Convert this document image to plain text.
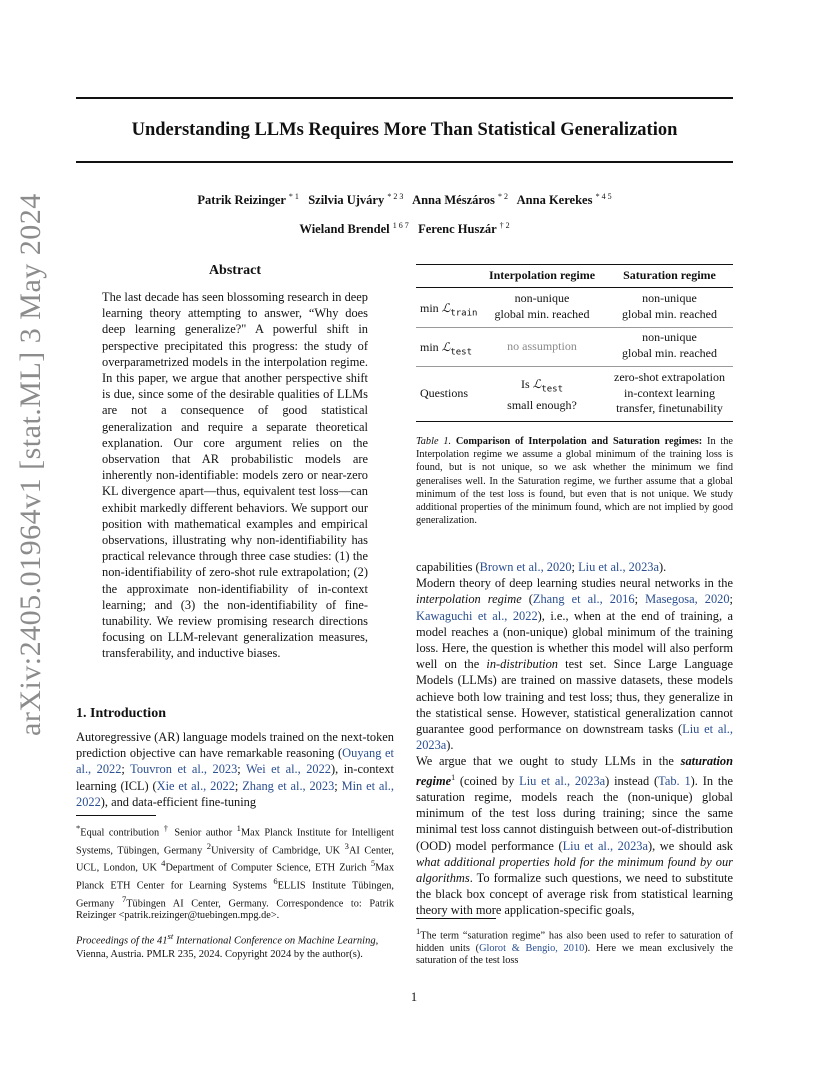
arXiv:2405.01964v1 [stat.ML] 3 May 2024
Understanding LLMs Requires More Than Statistical Generalization
Patrik Reizinger $^{* 1}$ Szilvia Ujváry $^{* 2 3}$ Anna Mészáros $^{* 2}$ Anna Kerekes $^{* 4 5}$
Wieland Brendel $^{1 6 7}$ Ferenc Huszár $^{\dagger 2}$
Abstract
The last decade has seen blossoming research in deep learning theory attempting to answer, “Why does deep learning generalize?" A powerful shift in perspective precipitated this progress: the study of overparametrized models in the interpolation regime. In this paper, we argue that another perspective shift is due, since some of the desirable qualities of LLMs are not a consequence of good statistical generalization and require a separate theoretical explanation. Our core argument relies on the observation that AR probabilistic models are inherently non-identifiable: models zero or near-zero KL divergence apart—thus, equivalent test loss—can exhibit markedly different behaviors. We support our position with mathematical examples and empirical observations, illustrating why non-identifiability has practical relevance through three case studies: (1) the non-identifiability of zero-shot rule extrapolation; (2) the approximate non-identifiability of in-context learning; and (3) the non-identifiability of fine-tunability. We review promising research directions focusing on LLM-relevant generalization measures, transferability, and inductive biases.
1. Introduction
Autoregressive (AR) language models trained on the next-token prediction objective can have remarkable reasoning (Ouyang et al., 2022; Touvron et al., 2023; Wei et al., 2022), in-context learning (ICL) (Xie et al., 2022; Zhang et al., 2023; Min et al., 2022), and data-efficient fine-tuning
*Equal contribution † Senior author $^1$Max Planck Institute for Intelligent Systems, Tübingen, Germany $^2$University of Cambridge, UK $^3$AI Center, UCL, London, UK $^4$Department of Computer Science, ETH Zurich $^5$Max Planck ETH Center for Learning Systems $^6$ELLIS Institute Tübingen, Germany $^7$Tübingen AI Center, Germany. Correspondence to: Patrik Reizinger <patrik.reizinger@tuebingen.mpg.de>.
Proceedings of the 41st International Conference on Machine Learning, Vienna, Austria. PMLR 235, 2024. Copyright 2024 by the author(s).
Interpolation regime	Saturation regime
min ℒ$_{train}$
non-unique
global min. reached
non-unique
global min. reached
min ℒ$_{test}$	no assumption
non-unique
global min. reached
Questions
Is ℒ$_{test}$
small enough?
zero-shot extrapolation
in-context learning
transfer, finetunability
Table 1. Comparison of Interpolation and Saturation regimes: In the Interpolation regime we assume a global minimum of the training loss is found, but is not unique, so we ask whether the minimum we find generalises well. In the Saturation regime, we further assume that a global minimum of the test loss is found, but even that is not unique. We study additional properties of the minimum found, which are not implied by good generalization.
capabilities (Brown et al., 2020; Liu et al., 2023a).
Modern theory of deep learning studies neural networks in the interpolation regime (Zhang et al., 2016; Masegosa, 2020; Kawaguchi et al., 2022), i.e., when at the end of training, a model reaches a (non-unique) global minimum of the training loss. Here, the question is whether this model will also perform well on the in-distribution test set. Since Large Language Models (LLMs) are trained on massive datasets, these models achieve both low training and test loss; thus, they generalize in the statistical sense. However, statistical generalization cannot guarantee good performance on downstream tasks (Liu et al., 2023a).
We argue that we ought to study LLMs in the saturation regime$^1$ (coined by Liu et al., 2023a) instead (Tab. 1). In the saturation regime, models reach the (non-unique) global minimum of the test loss during training; since the same minimal test loss cannot distinguish between out-of-distribution (OOD) model performance (Liu et al., 2023a), we should ask what additional properties hold for the minimum found by our algorithms. To formalize such questions, we need to substitute the black box concept of average risk from statistical learning theory with more application-specific goals,
$^1$The term “saturation regime” has also been used to refer to saturation of hidden units (Glorot & Bengio, 2010). Here we mean exclusively the saturation of the test loss
1
